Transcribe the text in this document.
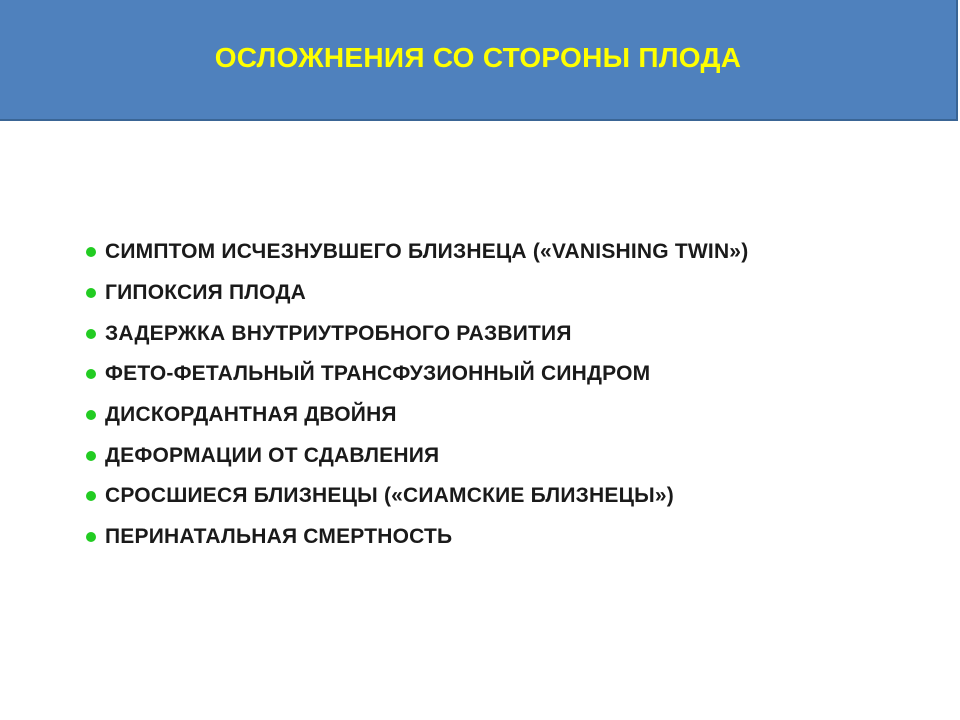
ОСЛОЖНЕНИЯ СО СТОРОНЫ ПЛОДА
СИМПТОМ ИСЧЕЗНУВШЕГО БЛИЗНЕЦА («VANISHING TWIN»)
ГИПОКСИЯ ПЛОДА
ЗАДЕРЖКА ВНУТРИУТРОБНОГО РАЗВИТИЯ
ФЕТО-ФЕТАЛЬНЫЙ ТРАНСФУЗИОННЫЙ СИНДРОМ
ДИСКОРДАНТНАЯ ДВОЙНЯ
ДЕФОРМАЦИИ ОТ СДАВЛЕНИЯ
СРОСШИЕСЯ БЛИЗНЕЦЫ («СИАМСКИЕ БЛИЗНЕЦЫ»)
ПЕРИНАТАЛЬНАЯ СМЕРТНОСТЬ
